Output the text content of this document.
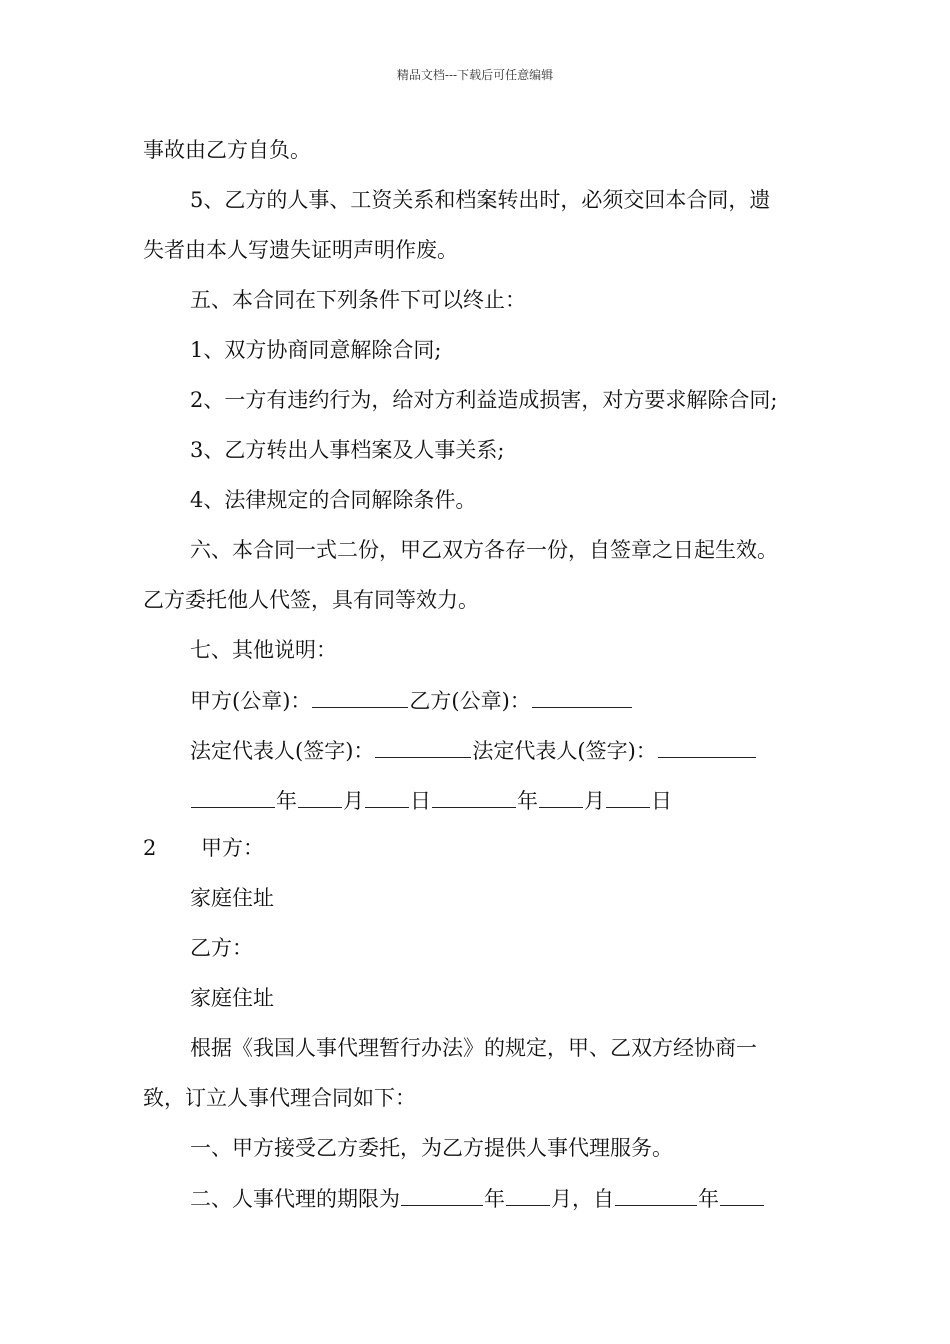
精品文档---下载后可任意编辑
事故由乙方自负。
5、乙方的人事、工资关系和档案转出时，必须交回本合同，遗
失者由本人写遗失证明声明作废。
五、本合同在下列条件下可以终止：
1、双方协商同意解除合同;
2、一方有违约行为，给对方利益造成损害，对方要求解除合同;
3、乙方转出人事档案及人事关系;
4、法律规定的合同解除条件。
六、本合同一式二份，甲乙双方各存一份，自签章之日起生效。
乙方委托他人代签，具有同等效力。
七、其他说明：
甲方(公章)：	乙方(公章)：
法定代表人(签字)：	法定代表人(签字)：
年 月 日	年 月 日
2 甲方：
家庭住址
乙方：
家庭住址
根据《我国人事代理暂行办法》的规定，甲、乙双方经协商一
致，订立人事代理合同如下：
一、甲方接受乙方委托，为乙方提供人事代理服务。
二、人事代理的期限为	年 月，自	年
